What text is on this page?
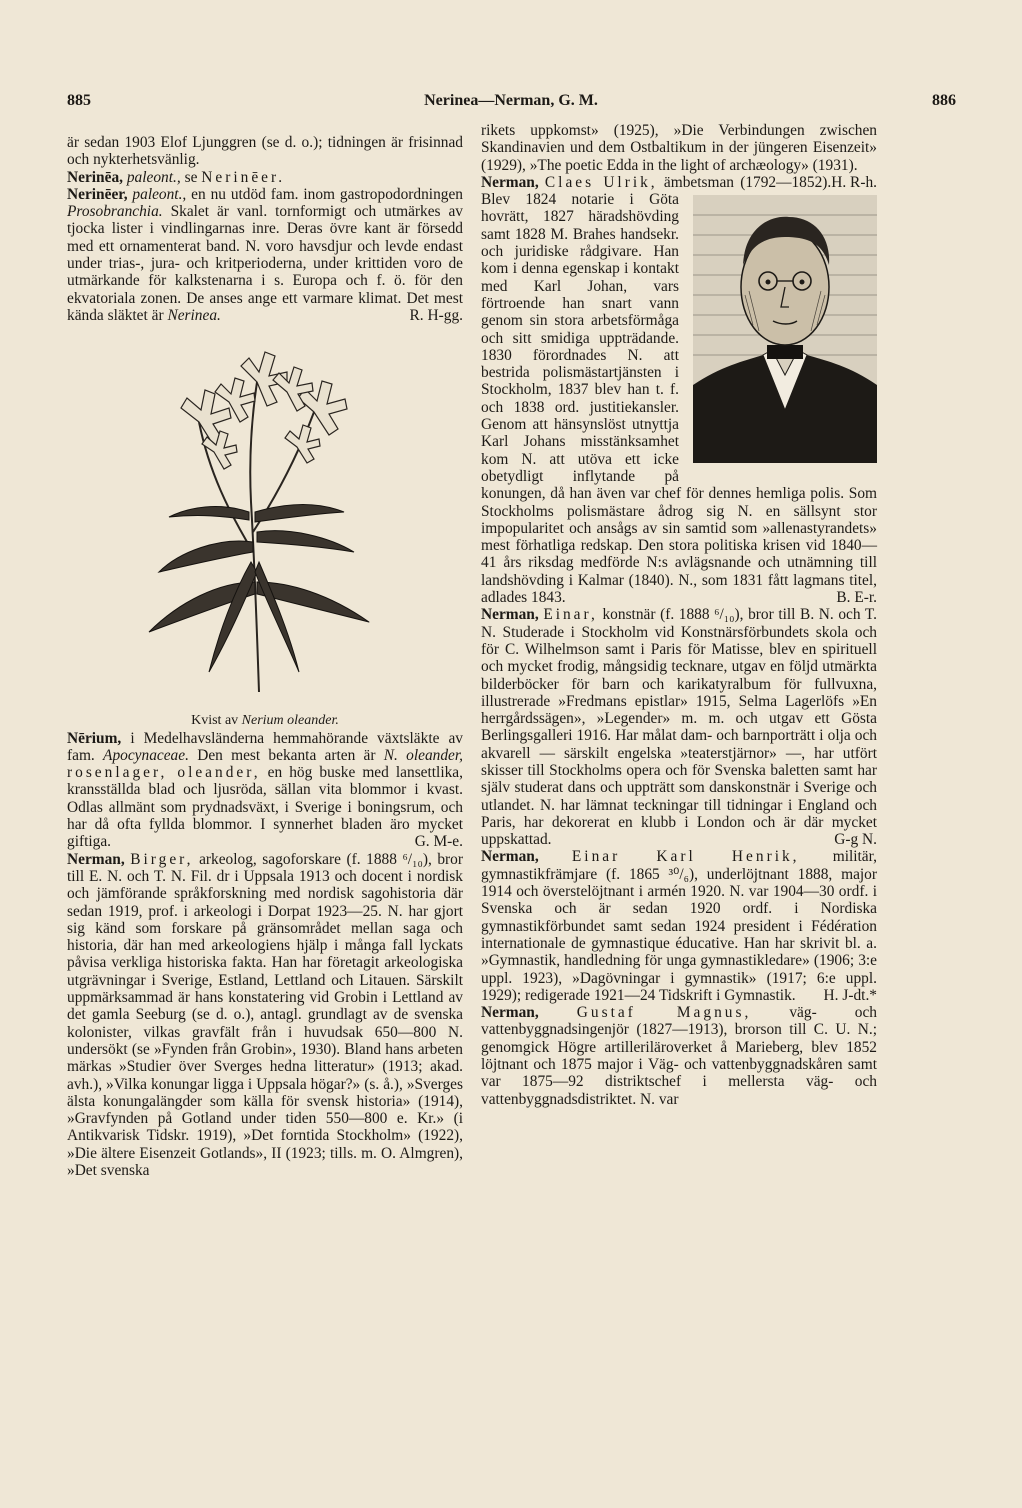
885	Nerinea—Nerman, G. M.	886

är sedan 1903 Elof Ljunggren (se d. o.); tidningen är frisinnad och nykterhetsvänlig.

Nerinēa, paleont., se Nerinēer.

Nerinēer, paleont., en nu utdöd fam. inom gastropodordningen Prosobranchia. Skalet är vanl. tornformigt och utmärkes av tjocka lister i vindlingarnas inre. Deras övre kant är försedd med ett ornamenterat band. N. voro havsdjur och levde endast under trias-, jura- och kritperioderna, under krittiden voro de utmärkande för kalkstenarna i s. Europa och f. ö. för den ekvatoriala zonen. De anses ange ett varmare klimat. Det mest kända släktet är Nerinea.	R. H-gg.

Kvist av Nerium oleander.

Nērium, i Medelhavsländerna hemmahörande växtsläkte av fam. Apocynaceae. Den mest bekanta arten är N. oleander, rosenlager, oleander, en hög buske med lansettlika, kransställda blad och ljusröda, sällan vita blommor i kvast. Odlas allmänt som prydnadsväxt, i Sverige i boningsrum, och har då ofta fyllda blommor. I synnerhet bladen äro mycket giftiga.	G. M-e.

Nerman, Birger, arkeolog, sagoforskare (f. 1888 ⁶/₁₀), bror till E. N. och T. N. Fil. dr i Uppsala 1913 och docent i nordisk och jämförande språkforskning med nordisk sagohistoria där sedan 1919, prof. i arkeologi i Dorpat 1923—25. N. har gjort sig känd som forskare på gränsområdet mellan saga och historia, där han med arkeologiens hjälp i många fall lyckats påvisa verkliga historiska fakta. Han har företagit arkeologiska utgrävningar i Sverige, Estland, Lettland och Litauen. Särskilt uppmärksammad är hans konstatering vid Grobin i Lettland av det gamla Seeburg (se d. o.), antagl. grundlagt av de svenska kolonister, vilkas gravfält från i huvudsak 650—800 N. undersökt (se »Fynden från Grobin», 1930). Bland hans arbeten märkas »Studier över Sverges hedna litteratur» (1913; akad. avh.), »Vilka konungar ligga i Uppsala högar?» (s. å.), »Sverges älsta konungalängder som källa för svensk historia» (1914), »Gravfynden på Gotland under tiden 550—800 e. Kr.» (i Antikvarisk Tidskr. 1919), »Det forntida Stockholm» (1922), »Die ältere Eisenzeit Gotlands», II (1923; tills. m. O. Almgren), »Det svenska

rikets uppkomst» (1925), »Die Verbindungen zwischen Skandinavien und dem Ostbaltikum in der jüngeren Eisenzeit» (1929), »The poetic Edda in the light of archæology» (1931).
H. R-h.

Nerman, Claes Ulrik, ämbetsman (1792—1852). Blev 1824 notarie i Göta hovrätt, 1827 häradshövding samt 1828 M. Brahes handsekr. och juridiske rådgivare. Han kom i denna egenskap i kontakt med Karl Johan, vars förtroende han snart vann genom sin stora arbetsförmåga och sitt smidiga uppträdande. 1830 förordnades N. att bestrida polismästartjänsten i Stockholm, 1837 blev han t. f. och 1838 ord. justitiekansler. Genom att hänsynslöst utnyttja Karl Johans misstänksamhet kom N. att utöva ett icke obetydligt inflytande på konungen, då han även var chef för dennes hemliga polis. Som Stockholms polismästare ådrog sig N. en sällsynt stor impopularitet och ansågs av sin samtid som »allenastyrandets» mest förhatliga redskap. Den stora politiska krisen vid 1840—41 års riksdag medförde N:s avlägsnande och utnämning till landshövding i Kalmar (1840). N., som 1831 fått lagmans titel, adlades 1843.	B. E-r.

Nerman, Einar, konstnär (f. 1888 ⁶/₁₀), bror till B. N. och T. N. Studerade i Stockholm vid Konstnärsförbundets skola och för C. Wilhelmson samt i Paris för Matisse, blev en spirituell och mycket frodig, mångsidig tecknare, utgav en följd utmärkta bilderböcker för barn och karikatyralbum för fullvuxna, illustrerade »Fredmans epistlar» 1915, Selma Lagerlöfs »En herrgårdssägen», »Legender» m. m. och utgav ett Gösta Berlingsgalleri 1916. Har målat dam- och barnporträtt i olja och akvarell — särskilt engelska »teaterstjärnor» —, har utfört skisser till Stockholms opera och för Svenska baletten samt har själv studerat dans och uppträtt som danskonstnär i Sverige och utlandet. N. har lämnat teckningar till tidningar i England och Paris, har dekorerat en klubb i London och är där mycket uppskattad.	G-g N.

Nerman, Einar Karl Henrik, militär, gymnastikfrämjare (f. 1865 ³⁰/₆), underlöjtnant 1888, major 1914 och överstelöjtnant i armén 1920. N. var 1904—30 ordf. i Svenska och är sedan 1920 ordf. i Nordiska gymnastikförbundet samt sedan 1924 president i Fédération internationale de gymnastique éducative. Han har skrivit bl. a. »Gymnastik, handledning för unga gymnastikledare» (1906; 3:e uppl. 1923), »Dagövningar i gymnastik» (1917; 6:e uppl. 1929); redigerade 1921—24 Tidskrift i Gymnastik. H. J-dt.*

Nerman, Gustaf Magnus, väg- och vattenbyggnadsingenjör (1827—1913), brorson till C. U. N.; genomgick Högre artilleriläroverket å Marieberg, blev 1852 löjtnant och 1875 major i Väg- och vattenbyggnadskåren samt var 1875—92 distriktschef i mellersta väg- och vattenbyggnadsdistriktet. N. var
